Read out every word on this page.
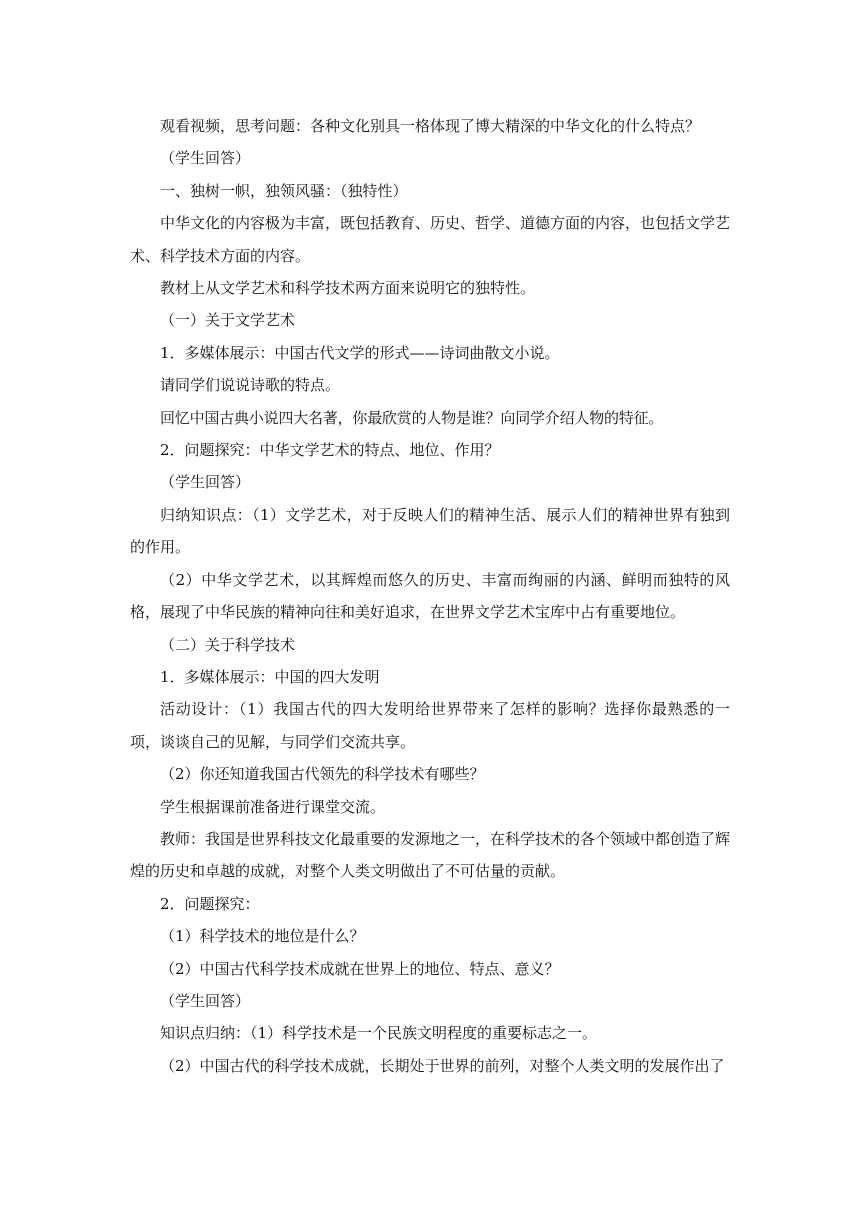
观看视频，思考问题：各种文化别具一格体现了博大精深的中华文化的什么特点？

（学生回答）

一、独树一帜，独领风骚：（独特性）

中华文化的内容极为丰富，既包括教育、历史、哲学、道德方面的内容，也包括文学艺术、科学技术方面的内容。

教材上从文学艺术和科学技术两方面来说明它的独特性。

（一）关于文学艺术

1．多媒体展示：中国古代文学的形式——诗词曲散文小说。

请同学们说说诗歌的特点。

回忆中国古典小说四大名著，你最欣赏的人物是谁？向同学介绍人物的特征。

2．问题探究：中华文学艺术的特点、地位、作用？

（学生回答）

归纳知识点：（1）文学艺术，对于反映人们的精神生活、展示人们的精神世界有独到的作用。

（2）中华文学艺术，以其辉煌而悠久的历史、丰富而绚丽的内涵、鲜明而独特的风格，展现了中华民族的精神向往和美好追求，在世界文学艺术宝库中占有重要地位。

（二）关于科学技术

1．多媒体展示：中国的四大发明

活动设计：（1）我国古代的四大发明给世界带来了怎样的影响？选择你最熟悉的一项，谈谈自己的见解，与同学们交流共享。

（2）你还知道我国古代领先的科学技术有哪些？

学生根据课前准备进行课堂交流。

教师：我国是世界科技文化最重要的发源地之一，在科学技术的各个领域中都创造了辉煌的历史和卓越的成就，对整个人类文明做出了不可估量的贡献。

2．问题探究：

（1）科学技术的地位是什么？

（2）中国古代科学技术成就在世界上的地位、特点、意义？

（学生回答）

知识点归纳：（1）科学技术是一个民族文明程度的重要标志之一。

（2）中国古代的科学技术成就，长期处于世界的前列，对整个人类文明的发展作出了
